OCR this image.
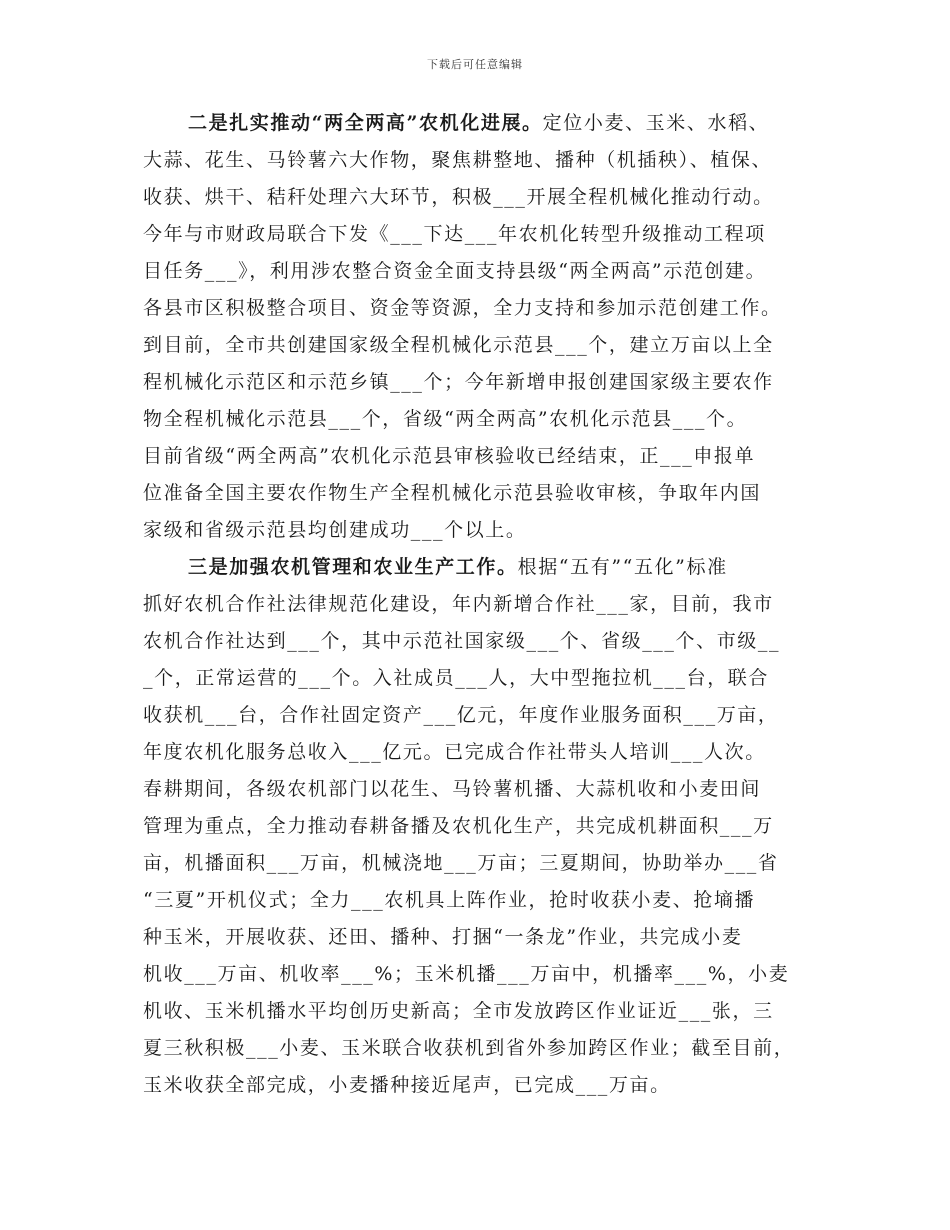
下载后可任意编辑
二是扎实推动“两全两高”农机化进展。定位小麦、玉米、水稻、
大蒜、花生、马铃薯六大作物，聚焦耕整地、播种（机插秧）、植保、
收获、烘干、秸秆处理六大环节，积极___开展全程机械化推动行动。
今年与市财政局联合下发《___下达___年农机化转型升级推动工程项
目任务___》，利用涉农整合资金全面支持县级“两全两高”示范创建。
各县市区积极整合项目、资金等资源，全力支持和参加示范创建工作。
到目前，全市共创建国家级全程机械化示范县___个，建立万亩以上全
程机械化示范区和示范乡镇___个；今年新增申报创建国家级主要农作
物全程机械化示范县___个，省级“两全两高”农机化示范县___个。
目前省级“两全两高”农机化示范县审核验收已经结束，正___申报单
位准备全国主要农作物生产全程机械化示范县验收审核，争取年内国
家级和省级示范县均创建成功___个以上。
三是加强农机管理和农业生产工作。根据“五有”“五化”标准
抓好农机合作社法律规范化建设，年内新增合作社___家，目前，我市
农机合作社达到___个，其中示范社国家级___个、省级___个、市级__
_个，正常运营的___个。入社成员___人，大中型拖拉机___台，联合
收获机___台，合作社固定资产___亿元，年度作业服务面积___万亩，
年度农机化服务总收入___亿元。已完成合作社带头人培训___人次。
春耕期间，各级农机部门以花生、马铃薯机播、大蒜机收和小麦田间
管理为重点，全力推动春耕备播及农机化生产，共完成机耕面积___万
亩，机播面积___万亩，机械浇地___万亩；三夏期间，协助举办___省
“三夏”开机仪式；全力___农机具上阵作业，抢时收获小麦、抢墒播
种玉米，开展收获、还田、播种、打捆“一条龙”作业，共完成小麦
机收___万亩、机收率___%；玉米机播___万亩中，机播率___%，小麦
机收、玉米机播水平均创历史新高；全市发放跨区作业证近___张，三
夏三秋积极___小麦、玉米联合收获机到省外参加跨区作业；截至目前，
玉米收获全部完成，小麦播种接近尾声，已完成___万亩。
